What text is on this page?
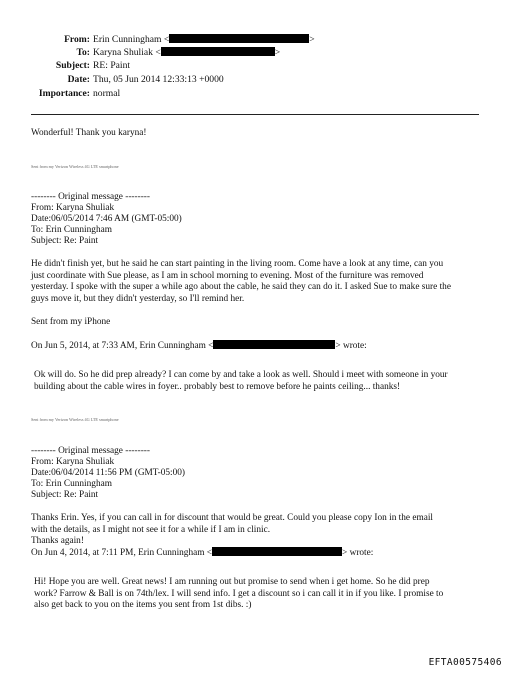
From: Erin Cunningham <	>
To: Karyna Shuliak <	>
Subject: RE: Paint
Date: Thu, 05 Jun 2014 12:33:13 +0000
Importance: normal
Wonderful! Thank you karyna!
Sent from my Verizon Wireless 4G LTE smartphone
-------- Original message --------
From: Karyna Shuliak
Date:06/05/2014 7:46 AM (GMT-05:00)
To: Erin Cunningham
Subject: Re: Paint
He didn't finish yet, but he said he can start painting in the living room. Come have a look at any time, can you
just coordinate with Sue please, as I am in school morning to evening. Most of the furniture was removed
yesterday. I spoke with the super a while ago about the cable, he said they can do it. I asked Sue to make sure the
guys move it, but they didn't yesterday, so I'll remind her.
Sent from my iPhone
On Jun 5, 2014, at 7:33 AM, Erin Cunningham <	> wrote:
Ok will do. So he did prep already? I can come by and take a look as well. Should i meet with someone in your
building about the cable wires in foyer.. probably best to remove before he paints ceiling... thanks!
Sent from my Verizon Wireless 4G LTE smartphone
-------- Original message --------
From: Karyna Shuliak
Date:06/04/2014 11:56 PM (GMT-05:00)
To: Erin Cunningham
Subject: Re: Paint
Thanks Erin. Yes, if you can call in for discount that would be great. Could you please copy Ion in the email
with the details, as I might not see it for a while if I am in clinic.
Thanks again!
On Jun 4, 2014, at 7:11 PM, Erin Cunningham <	> wrote:
Hi! Hope you are well. Great news! I am running out but promise to send when i get home. So he did prep
work? Farrow & Ball is on 74th/lex. I will send info. I get a discount so i can call it in if you like. I promise to
also get back to you on the items you sent from 1st dibs. :)
EFTA00575406
